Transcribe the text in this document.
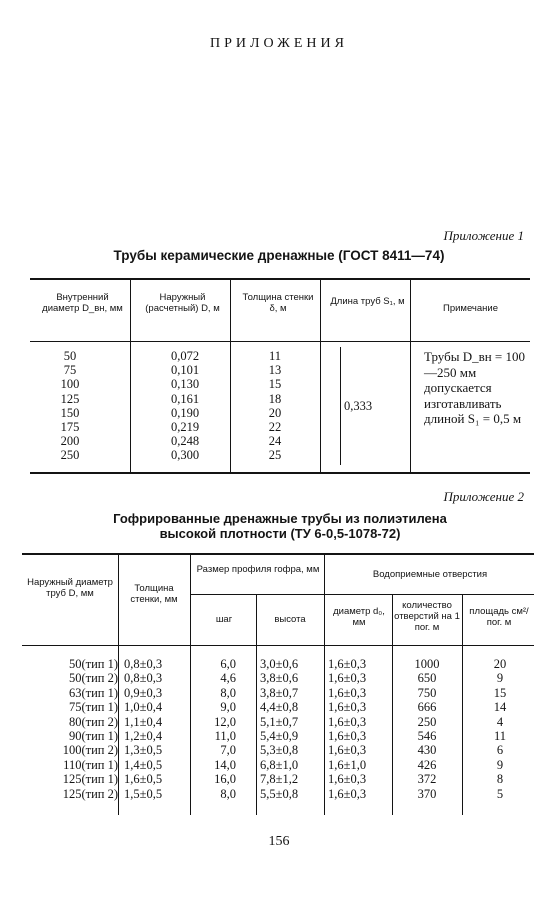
ПРИЛОЖЕНИЯ
Приложение 1
Трубы керамические дренажные (ГОСТ 8411—74)
Внутренний диаметр D_вн, мм
Наружный (расчетный) D, м
Толщина стенки δ, м
Длина труб S₁, м
Примечание
50
75
100
125
150
175
200
250
0,072
0,101
0,130
0,161
0,190
0,219
0,248
0,300
11
13
15
18
20
22
24
25
0,333
Трубы D_вн = 100—250 мм допускается изготавливать длиной S₁ = 0,5 м
Приложение 2
Гофрированные дренажные трубы из полиэтилена высокой плотности (ТУ 6-0,5-1078-72)
Наружный диаметр труб D, мм	Толщина стенки, мм
Размер профиля гофра, мм
шаг	высота
Водоприемные отверстия
диаметр d₀, мм
количество отверстий на 1 пог. м
площадь см²/пог. м
50(тип 1)
50(тип 2)
63(тип 1)
75(тип 1)
80(тип 2)
90(тип 1)
100(тип 2)
110(тип 1)
125(тип 1)
125(тип 2)
0,8±0,3
0,8±0,3
0,9±0,3
1,0±0,4
1,1±0,4
1,2±0,4
1,3±0,5
1,4±0,5
1,6±0,5
1,5±0,5
6,0
4,6
8,0
9,0
12,0
11,0
7,0
14,0
16,0
8,0
3,0±0,6
3,8±0,6
3,8±0,7
4,4±0,8
5,1±0,7
5,4±0,9
5,3±0,8
6,8±1,0
7,8±1,2
5,5±0,8
1,6±0,3
1,6±0,3
1,6±0,3
1,6±0,3
1,6±0,3
1,6±0,3
1,6±0,3
1,6±1,0
1,6±0,3
1,6±0,3
1000
650
750
666
250
546
430
426
372
370
20
9
15
14
4
11
6
9
8
5
156
